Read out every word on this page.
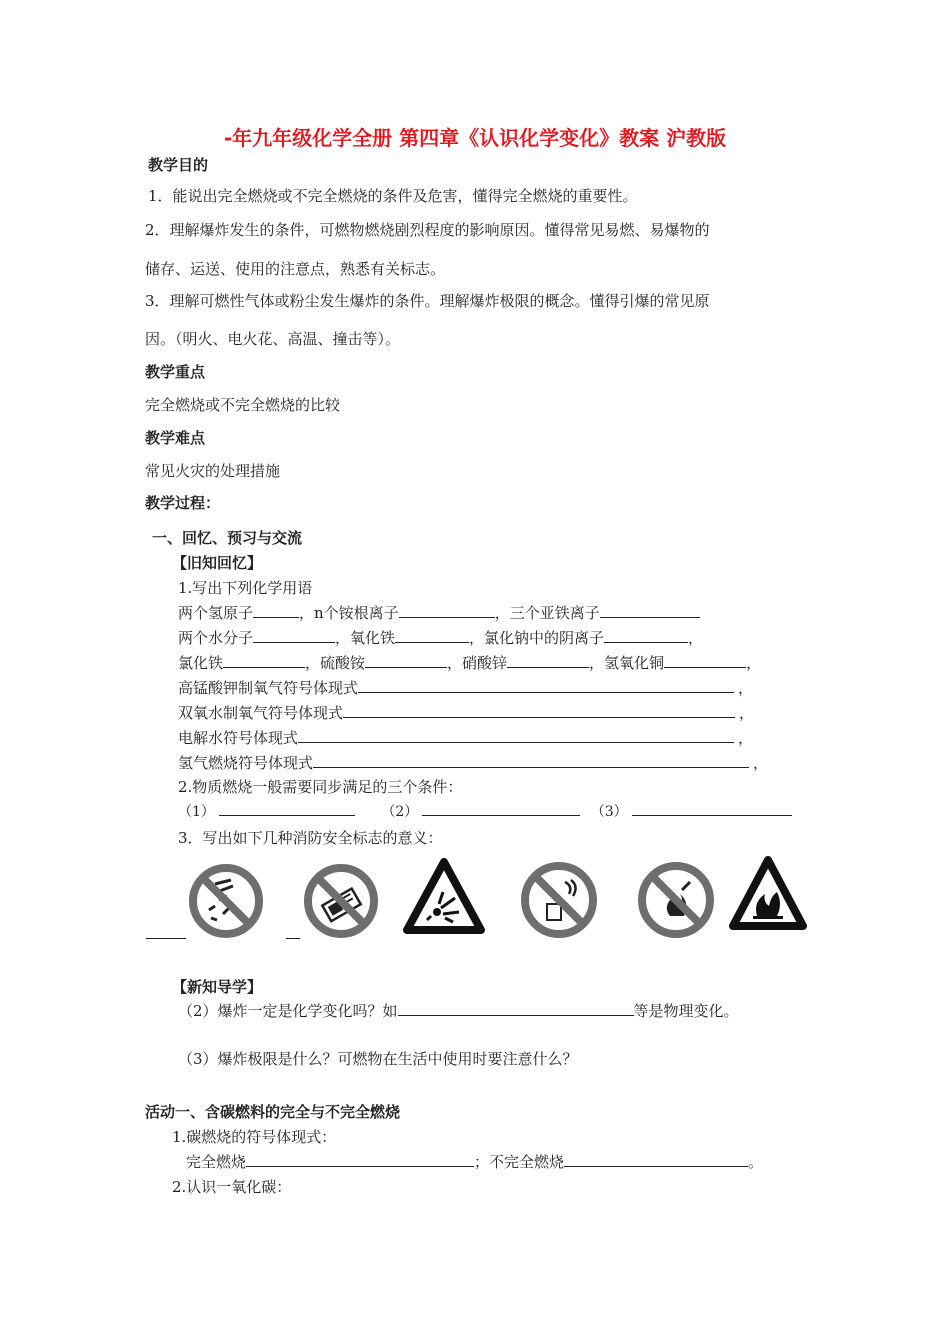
-年九年级化学全册 第四章《认识化学变化》教案 沪教版
教学目的
1．能说出完全燃烧或不完全燃烧的条件及危害，懂得完全燃烧的重要性。
2．理解爆炸发生的条件，可燃物燃烧剧烈程度的影响原因。懂得常见易燃、易爆物的
储存、运送、使用的注意点，熟悉有关标志。
3．理解可燃性气体或粉尘发生爆炸的条件。理解爆炸极限的概念。懂得引爆的常见原
因。（明火、电火花、高温、撞击等）。
教学重点
完全燃烧或不完全燃烧的比较
教学难点
常见火灾的处理措施
教学过程：
一、回忆、预习与交流
【旧知回忆】
1.写出下列化学用语
两个氢原子	，n个铵根离子	，三个亚铁离子
两个水分子	，氧化铁	，氯化钠中的阴离子	，
氯化铁	，硫酸铵	，硝酸锌	，氢氧化铜	，
高锰酸钾制氧气符号体现式	，
双氧水制氧气符号体现式	，
电解水符号体现式	，
氢气燃烧符号体现式	，
2.物质燃烧一般需要同步满足的三个条件：
（1）	（2）	（3）
3．写出如下几种消防安全标志的意义：
【新知导学】
（2）爆炸一定是化学变化吗？如	等是物理变化。
（3）爆炸极限是什么？可燃物在生活中使用时要注意什么？
活动一、含碳燃料的完全与不完全燃烧
1.碳燃烧的符号体现式：
完全燃烧	；不完全燃烧	。
2.认识一氧化碳：
